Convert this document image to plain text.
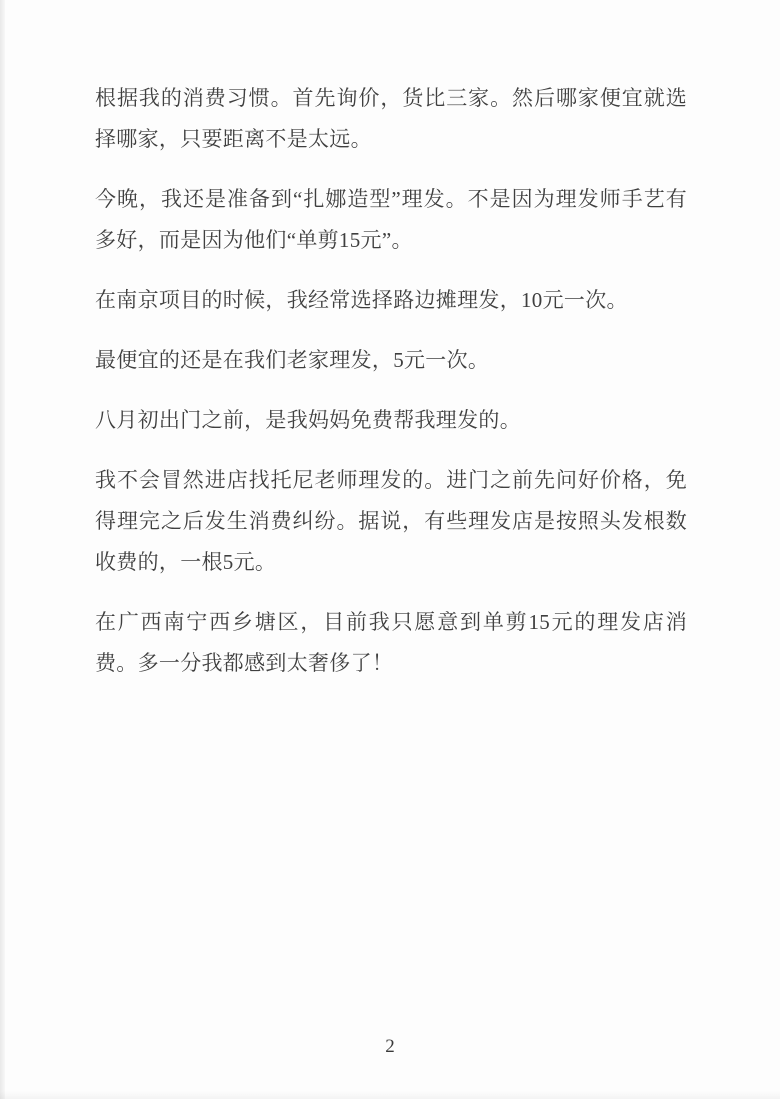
根据我的消费习惯。首先询价，货比三家。然后哪家便宜就选择哪家，只要距离不是太远。

今晚，我还是准备到“扎娜造型”理发。不是因为理发师手艺有多好，而是因为他们“单剪15元”。

在南京项目的时候，我经常选择路边摊理发，10元一次。

最便宜的还是在我们老家理发，5元一次。

八月初出门之前，是我妈妈免费帮我理发的。

我不会冒然进店找托尼老师理发的。进门之前先问好价格，免得理完之后发生消费纠纷。据说，有些理发店是按照头发根数收费的，一根5元。

在广西南宁西乡塘区，目前我只愿意到单剪15元的理发店消费。多一分我都感到太奢侈了！

2
